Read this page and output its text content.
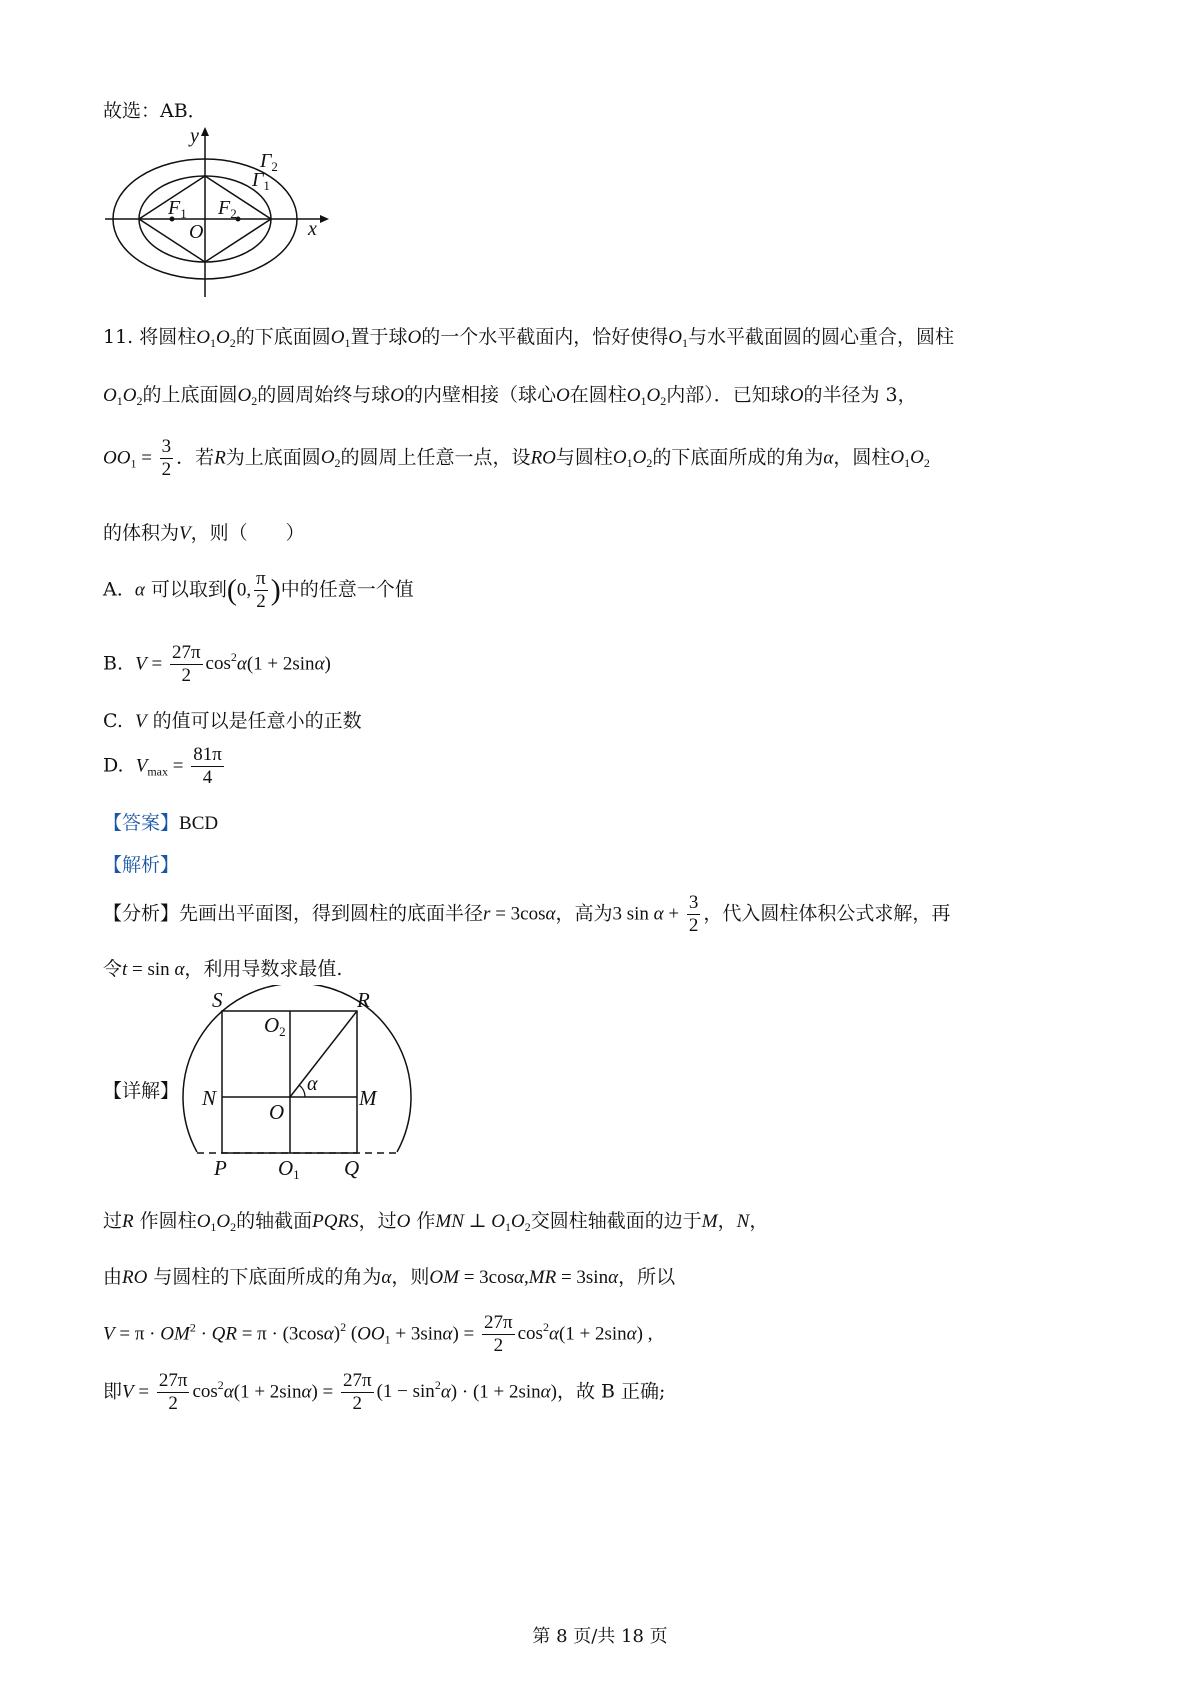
故选：AB．
y
x
O
$F_1$ $F_2$
$\Gamma_2$
$\Gamma_1$
11. 将圆柱$O_1O_2$的下底面圆$O_1$置于球O的一个水平截面内，恰好使得$O_1$与水平截面圆的圆心重合，圆柱
$O_1O_2$的上底面圆$O_2$的圆周始终与球O的内壁相接（球心O在圆柱$O_1O_2$内部）．已知球O的半径为 3，
$OO_1 = \frac{3}{2}$ ．若R为上底面圆$O_2$的圆周上任意一点，设RO与圆柱$O_1O_2$的下底面所成的角为α，圆柱$O_1O_2$
的体积为V，则（　　）
A. α 可以取到(0, $\frac{\pi}{2}$ )中的任意一个值
B. $V = \frac{27\pi}{2} \cos^2\alpha(1 + 2\sin\alpha)$
C. V 的值可以是任意小的正数
D. $V_{max} = \frac{81\pi}{4}$
【答案】BCD
【解析】
【分析】先画出平面图，得到圆柱的底面半径r = 3cosα，高为3 $\sin \alpha + \frac{3}{2}$ ，代入圆柱体积公式求解，再
令t = sin α，利用导数求最值.
【详解】
S	R
O2
N	M
O
α
P O1 Q
过R 作圆柱$O_1O_2$的轴截面PQRS，过O 作MN ⊥ $O_1O_2$交圆柱轴截面的边于M，N，
由RO 与圆柱的下底面所成的角为α，则OM = 3cosα,MR = 3sinα，所以
$V = \pi \cdot OM^2$ · QR = $\pi \cdot (3\cos\alpha)^2$ $(OO_1 + 3\sin\alpha) = \frac{27\pi}{2} \cos^2\alpha(1 + 2\sin\alpha)$ ,
即$V = \frac{27\pi}{2} \cos^2\alpha(1 + 2\sin\alpha) = \frac{27\pi}{2} (1 - \sin^2\alpha) \cdot (1 + 2\sin\alpha)$，故 B 正确;
第 8 页/共 18 页
